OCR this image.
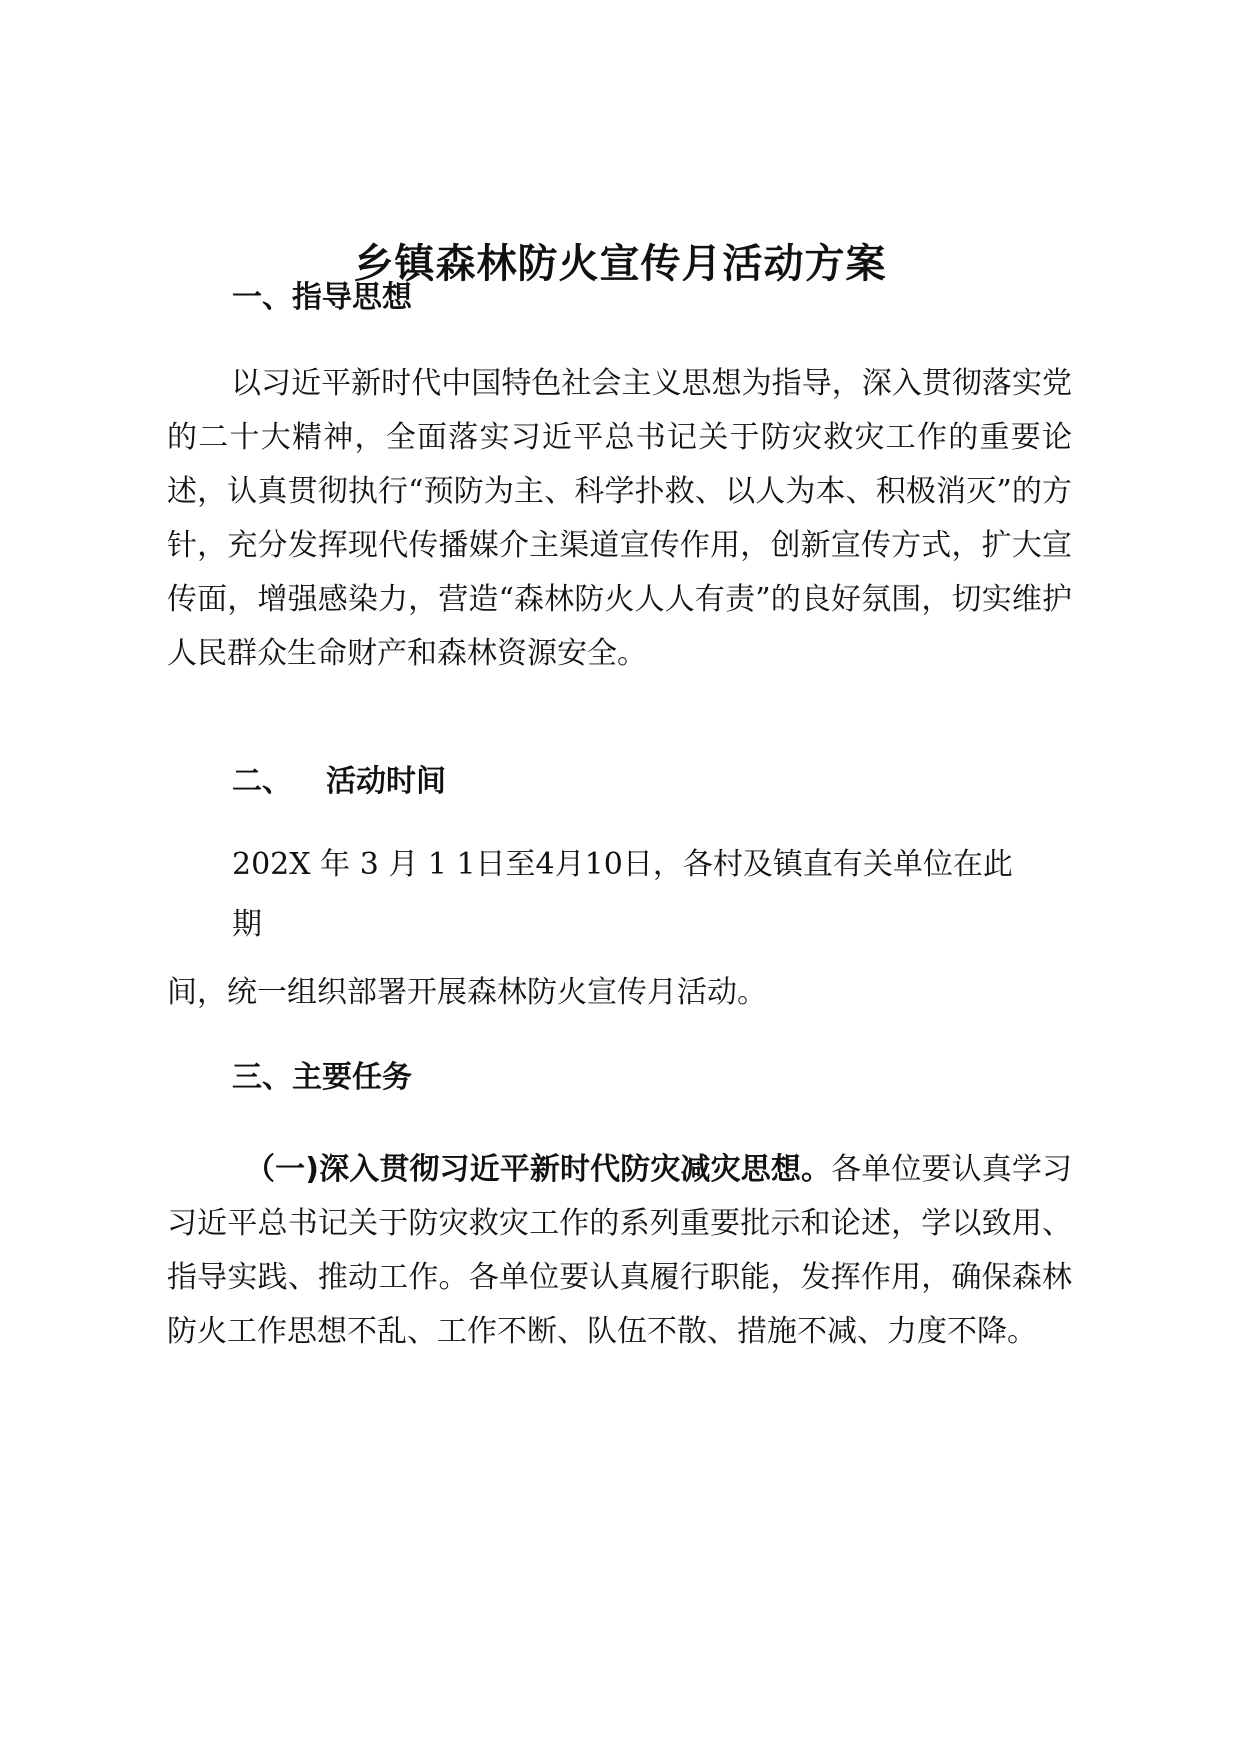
乡镇森林防火宣传月活动方案
一、指导思想

以习近平新时代中国特色社会主义思想为指导，深入贯彻落实党的二十大精神，全面落实习近平总书记关于防灾救灾工作的重要论述，认真贯彻执行“预防为主、科学扑救、以人为本、积极消灭”的方针，充分发挥现代传播媒介主渠道宣传作用，创新宣传方式，扩大宣传面，增强感染力，营造“森林防火人人有责”的良好氛围，切实维护人民群众生命财产和森林资源安全。

二、 活动时间

202X 年 3 月 1 1日至4月10日，各村及镇直有关单位在此

期

间，统一组织部署开展森林防火宣传月活动。

三、主要任务

（一)深入贯彻习近平新时代防灾减灾思想。各单位要认真学习习近平总书记关于防灾救灾工作的系列重要批示和论述，学以致用、指导实践、推动工作。各单位要认真履行职能，发挥作用，确保森林防火工作思想不乱、工作不断、队伍不散、措施不减、力度不降。
